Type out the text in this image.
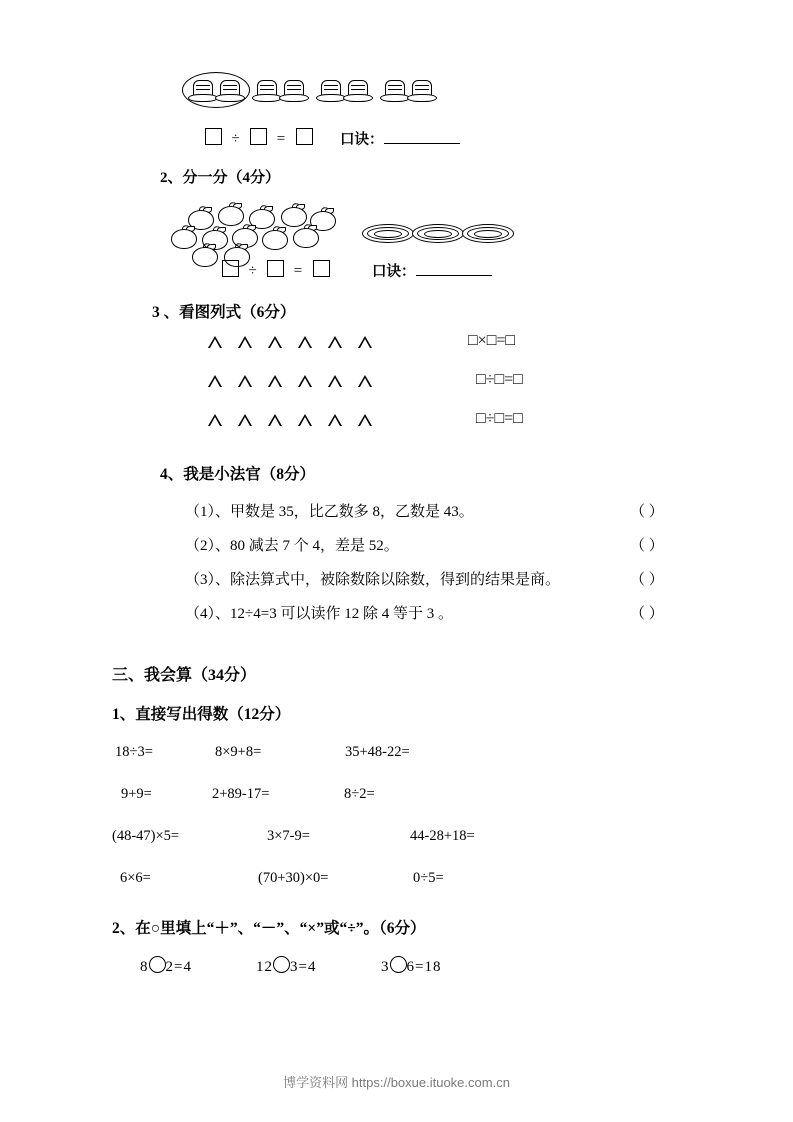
÷    =	口诀：
2、分一分（4分）
÷    =	口诀：
3 、看图列式（6分）
□×□=□
□÷□=□
□÷□=□
4、我是小法官（8分）
（1）、甲数是 35，比乙数多 8，乙数是 43。	（ ）
（2）、80 减去 7 个 4，差是 52。	（ ）
（3）、除法算式中，被除数除以除数，得到的结果是商。	（ ）
（4）、12÷4=3 可以读作 12 除 4 等于 3 。	（ ）
三、我会算（34分）
1、直接写出得数（12分）
18÷3=	8×9+8=	35+48-22=
9+9=	2+89-17=	8÷2=
(48-47)×5=	3×7-9=	44-28+18=
6×6=	(70+30)×0=	0÷5=
2、在○里填上“＋”、“－”、“×”或“÷”。（6分）
8 2=4	12 3=4	3 6=18
博学资料网 https://boxue.ituoke.com.cn
